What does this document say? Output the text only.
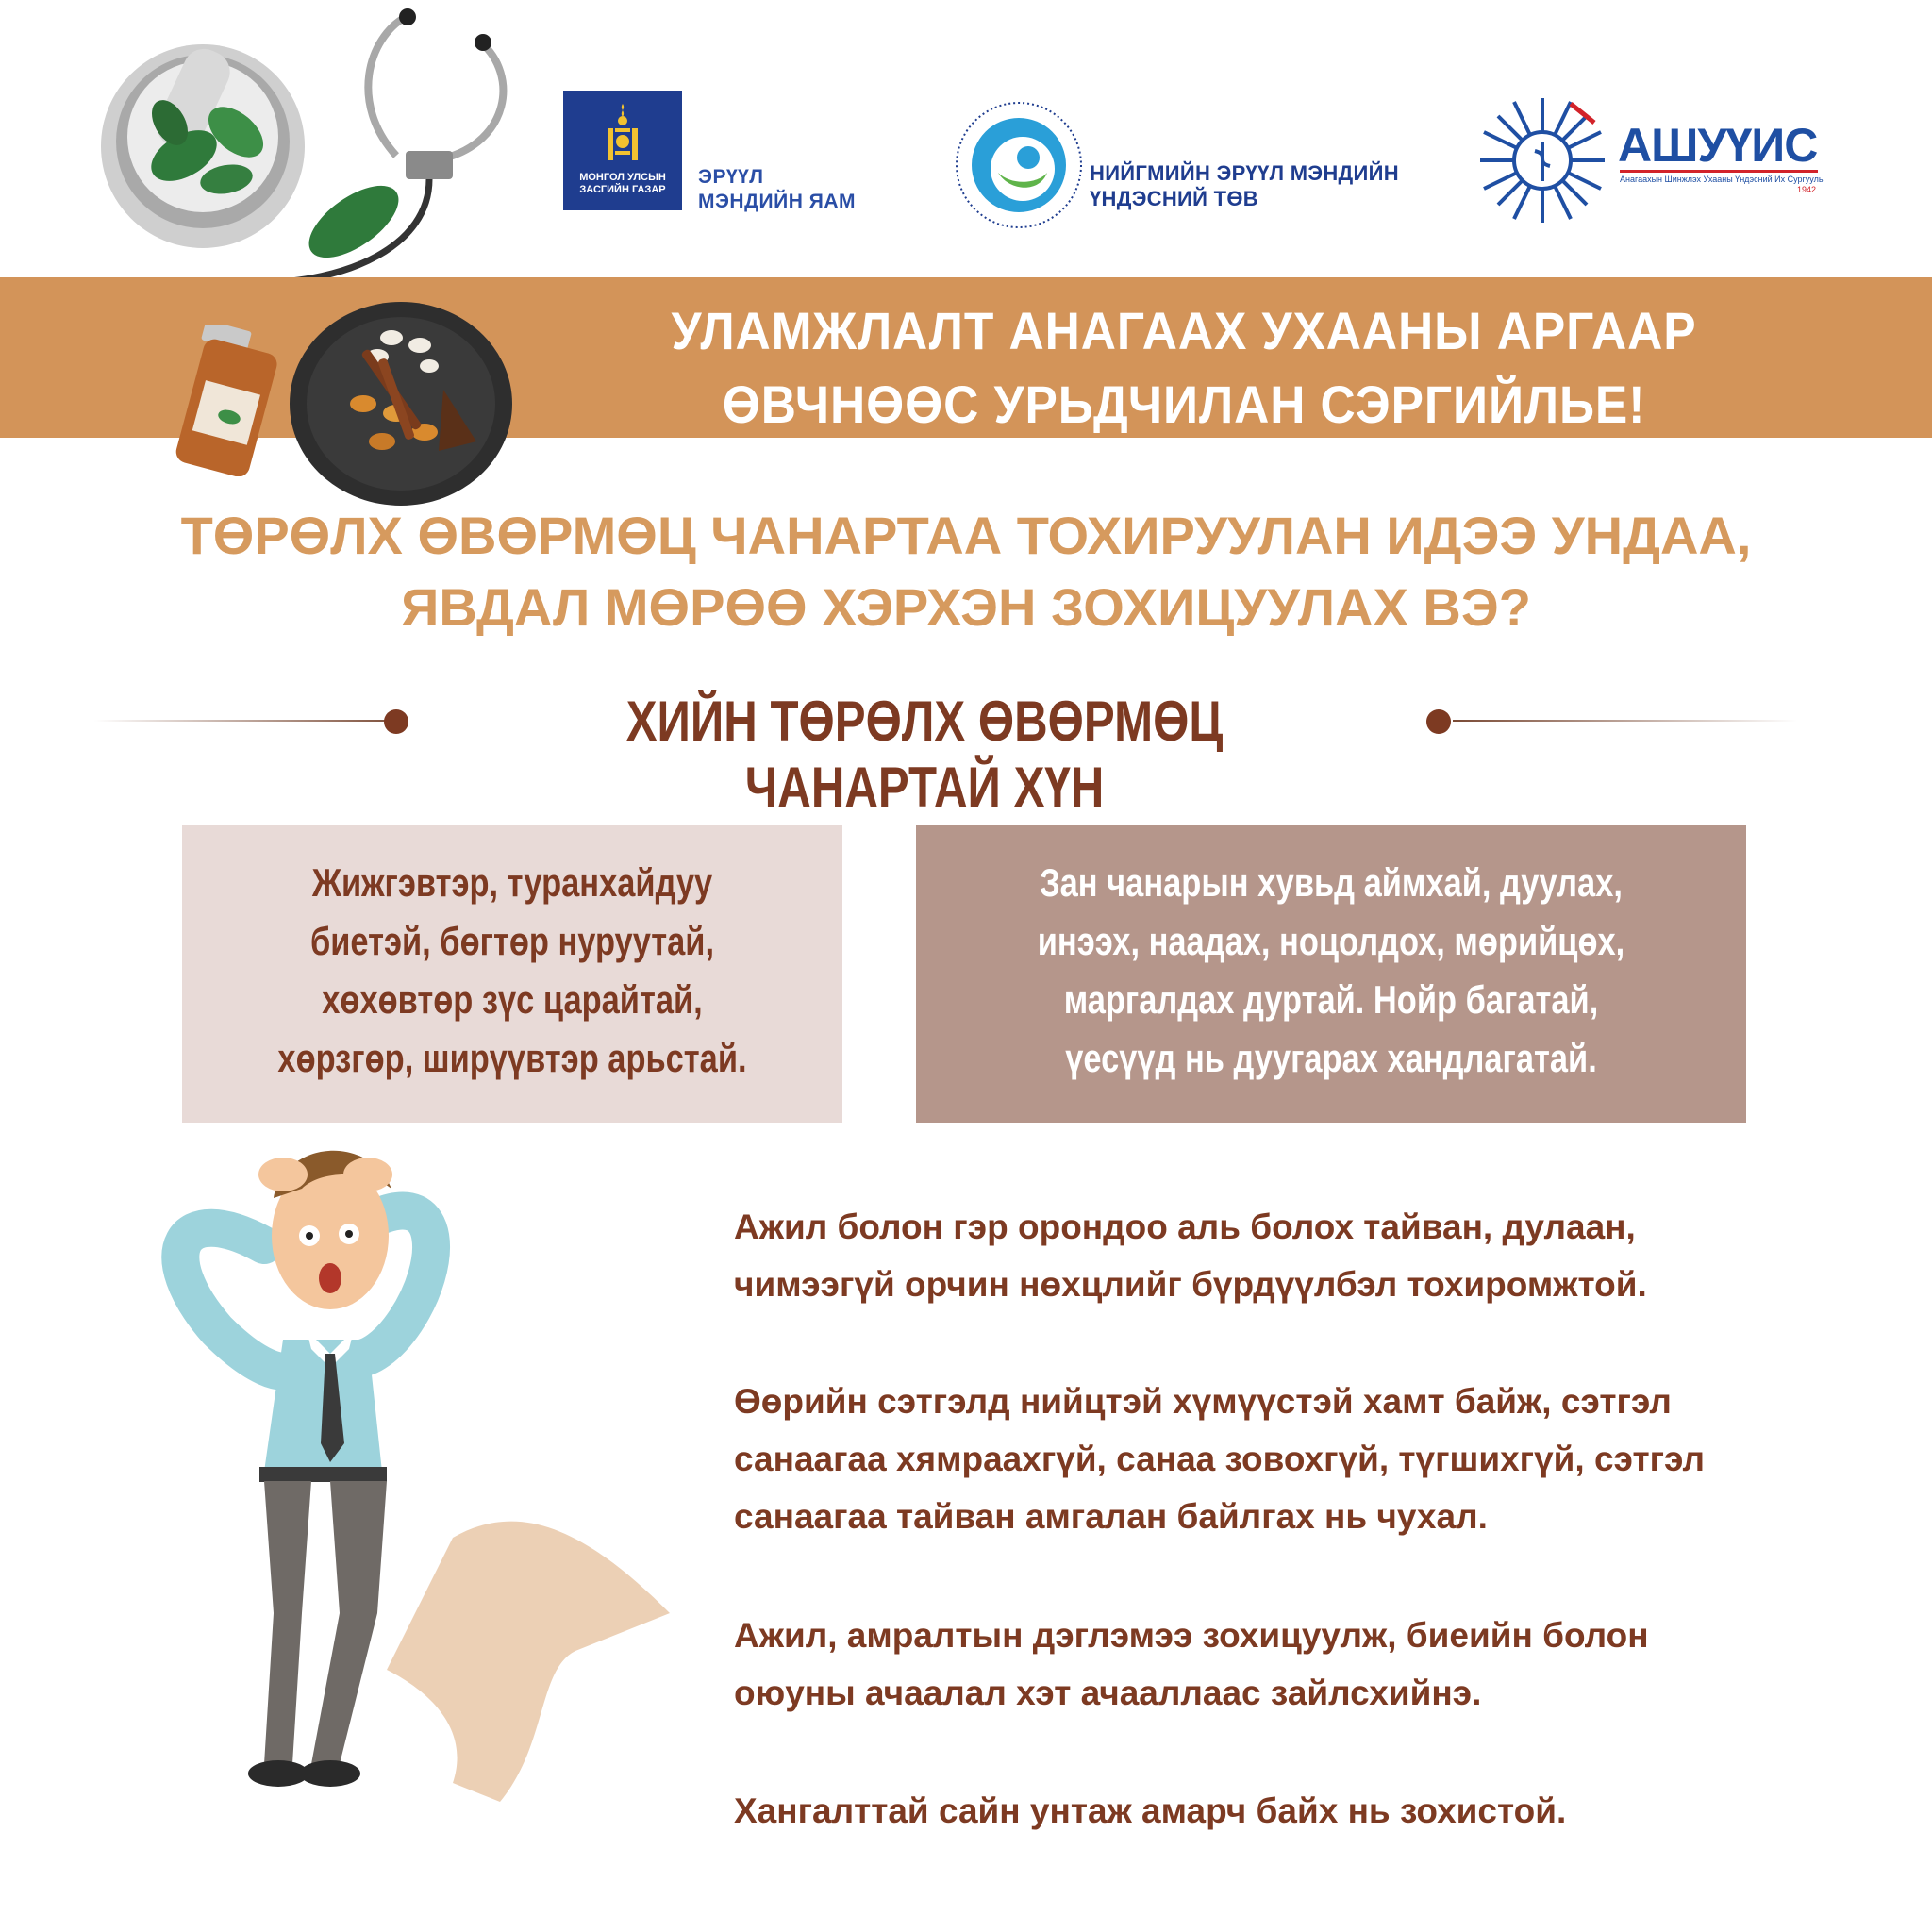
УЛАМЖЛАЛТ АНАГААХ УХААНЫ АРГААР
ӨВЧНӨӨС УРЬДЧИЛАН СЭРГИЙЛЬЕ!
МОНГОЛ УЛСЫН
ЗАСГИЙН ГАЗАР
ЭРҮҮЛ
МЭНДИЙН ЯАМ
НИЙГМИЙН ЭРҮҮЛ МЭНДИЙН
ҮНДЭСНИЙ ТӨВ
АШУҮИС
Анагаахын Шинжлэх Ухааны Үндэсний Их Сургууль
1942
ТӨРӨЛХ ӨВӨРМӨЦ ЧАНАРТАА ТОХИРУУЛАН ИДЭЭ УНДАА,
ЯВДАЛ МӨРӨӨ ХЭРХЭН ЗОХИЦУУЛАХ ВЭ?
ХИЙН ТӨРӨЛХ ӨВӨРМӨЦ ЧАНАРТАЙ ХҮН
Жижгэвтэр, туранхайдуу
биетэй, бөгтөр нуруутай,
хөхөвтөр зүс царайтай,
хөрзгөр, ширүүвтэр арьстай.
Зан чанарын хувьд аймхай, дуулах,
инээх, наадах, ноцолдох, мөрийцөх,
маргалдах дуртай. Нойр багатай,
үесүүд нь дуугарах хандлагатай.
Ажил болон гэр орондоо аль болох тайван, дулаан,
чимээгүй орчин нөхцлийг бүрдүүлбэл тохиромжтой.
Өөрийн сэтгэлд нийцтэй хүмүүстэй хамт байж, сэтгэл
санаагаа хямраахгүй, санаа зовохгүй, түгшихгүй, сэтгэл
санаагаа тайван амгалан байлгах нь чухал.
Ажил, амралтын дэглэмээ зохицуулж, биеийн болон
оюуны ачаалал хэт ачааллаас зайлсхийнэ.
Хангалттай сайн унтаж амарч байх нь зохистой.
